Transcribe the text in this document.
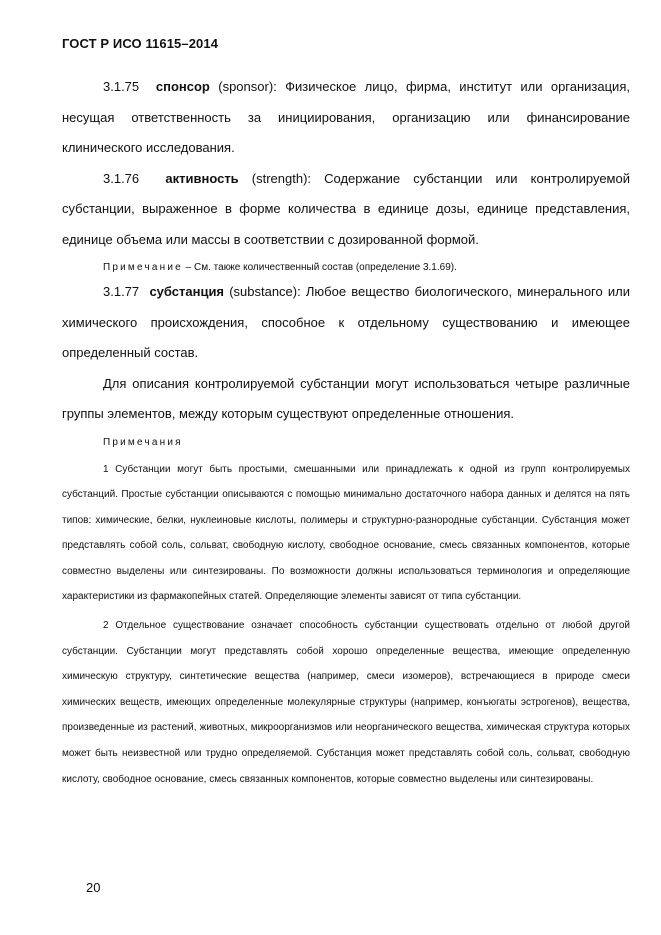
ГОСТ Р ИСО 11615–2014

3.1.75 спонсор (sponsor): Физическое лицо, фирма, институт или организация, несущая ответственность за инициирования, организацию или финансирование клинического исследования.

3.1.76 активность (strength): Содержание субстанции или контролируемой субстанции, выраженное в форме количества в единице дозы, единице представления, единице объема или массы в соответствии с дозированной формой.

Примечание – См. также количественный состав (определение 3.1.69).

3.1.77 субстанция (substance): Любое вещество биологического, минерального или химического происхождения, способное к отдельному существованию и имеющее определенный состав.

Для описания контролируемой субстанции могут использоваться четыре различные группы элементов, между которым существуют определенные отношения.

Примечания

1 Субстанции могут быть простыми, смешанными или принадлежать к одной из групп контролируемых субстанций. Простые субстанции описываются с помощью минимально достаточного набора данных и делятся на пять типов: химические, белки, нуклеиновые кислоты, полимеры и структурно-разнородные субстанции. Субстанция может представлять собой соль, сольват, свободную кислоту, свободное основание, смесь связанных компонентов, которые совместно выделены или синтезированы. По возможности должны использоваться терминология и определяющие характеристики из фармакопейных статей. Определяющие элементы зависят от типа субстанции.

2 Отдельное существование означает способность субстанции существовать отдельно от любой другой субстанции. Субстанции могут представлять собой хорошо определенные вещества, имеющие определенную химическую структуру, синтетические вещества (например, смеси изомеров), встречающиеся в природе смеси химических веществ, имеющих определенные молекулярные структуры (например, конъюгаты эстрогенов), вещества, произведенные из растений, животных, микроорганизмов или неорганического вещества, химическая структура которых может быть неизвестной или трудно определяемой. Субстанция может представлять собой соль, сольват, свободную кислоту, свободное основание, смесь связанных компонентов, которые совместно выделены или синтезированы.

20
